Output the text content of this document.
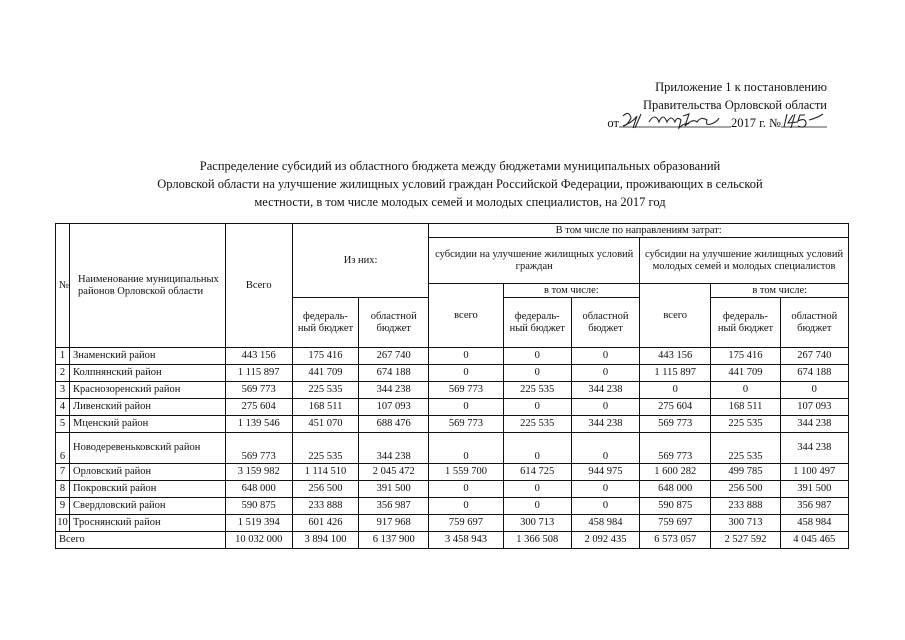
Приложение 1 к постановлению
Правительства Орловской области
от	2017 г. №
Распределение субсидий из областного бюджета между бюджетами муниципальных образований
Орловской области на улучшение жилищных условий граждан Российской Федерации, проживающих в сельской
местности, в том числе молодых семей и молодых специалистов, на 2017 год
№	Наименование муниципальных районов Орловской области	Всего	Из них:		В том числе по направлениям затрат:					
					субсидии на улучшение жилищных условий граждан			субсидии на улучшение жилищных условий молодых семей и молодых специалистов		
					всего	в том числе:		всего	в том числе:	
			федераль-ный бюджет	областной бюджет		федераль-ный бюджет	областной бюджет		федераль-ный бюджет	областной бюджет
1	Знаменский район	443 156	175 416	267 740	0	0	0	443 156	175 416	267 740
2	Колпнянский район	1 115 897	441 709	674 188	0	0	0	1 115 897	441 709	674 188
3	Краснозоренский район	569 773	225 535	344 238	569 773	225 535	344 238	0	0	0
4	Ливенский район	275 604	168 511	107 093	0	0	0	275 604	168 511	107 093
5	Мценский район	1 139 546	451 070	688 476	569 773	225 535	344 238	569 773	225 535	344 238
6	Новодеревеньковский район	569 773	225 535	344 238	0	0	0	569 773	225 535	344 238
7	Орловский район	3 159 982	1 114 510	2 045 472	1 559 700	614 725	944 975	1 600 282	499 785	1 100 497
8	Покровский район	648 000	256 500	391 500	0	0	0	648 000	256 500	391 500
9	Свердловский район	590 875	233 888	356 987	0	0	0	590 875	233 888	356 987
10	Троснянский район	1 519 394	601 426	917 968	759 697	300 713	458 984	759 697	300 713	458 984
Всего		10 032 000	3 894 100	6 137 900	3 458 943	1 366 508	2 092 435	6 573 057	2 527 592	4 045 465
